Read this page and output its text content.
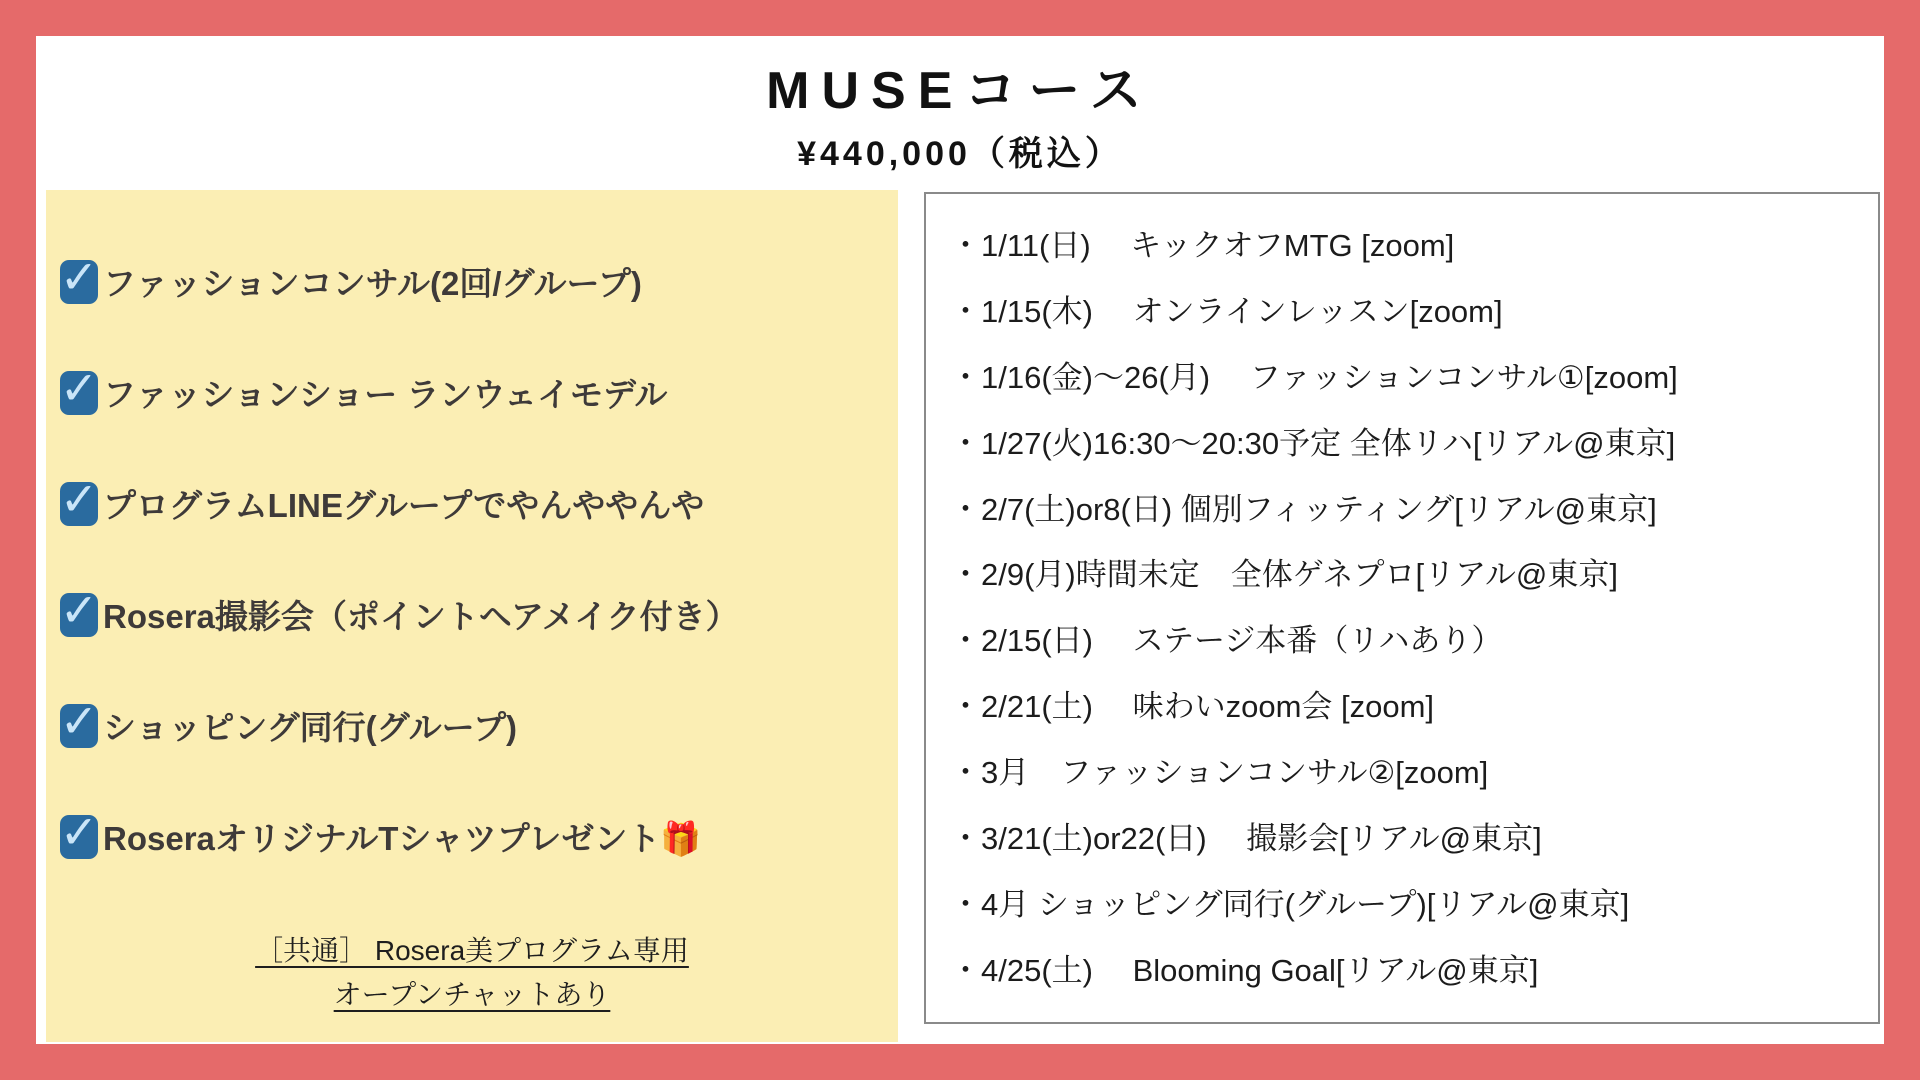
MUSEコース
¥440,000（税込）
✓ ファッションコンサル(2回/グループ)
✓ ファッションショー ランウェイモデル
✓ プログラムLINEグループでやんややんや
✓ Rosera撮影会（ポイントヘアメイク付き）
✓ ショッピング同行(グループ)
✓ RoseraオリジナルTシャツプレゼント🎁
［共通］ Rosera美プログラム専用
オープンチャットあり
・1/11(日)　 キックオフMTG [zoom]
・1/15(木)　 オンラインレッスン[zoom]
・1/16(金)～26(月)　 ファッションコンサル①[zoom]
・1/27(火)16:30～20:30予定 全体リハ[リアル@東京]
・2/7(土)or8(日) 個別フィッティング[リアル@東京]
・2/9(月)時間未定　全体ゲネプロ[リアル@東京]
・2/15(日)　 ステージ本番（リハあり）
・2/21(土)　 味わいzoom会 [zoom]
・3月　ファッションコンサル②[zoom]
・3/21(土)or22(日)　 撮影会[リアル@東京]
・4月 ショッピング同行(グループ)[リアル@東京]
・4/25(土)　 Blooming Goal[リアル@東京]
